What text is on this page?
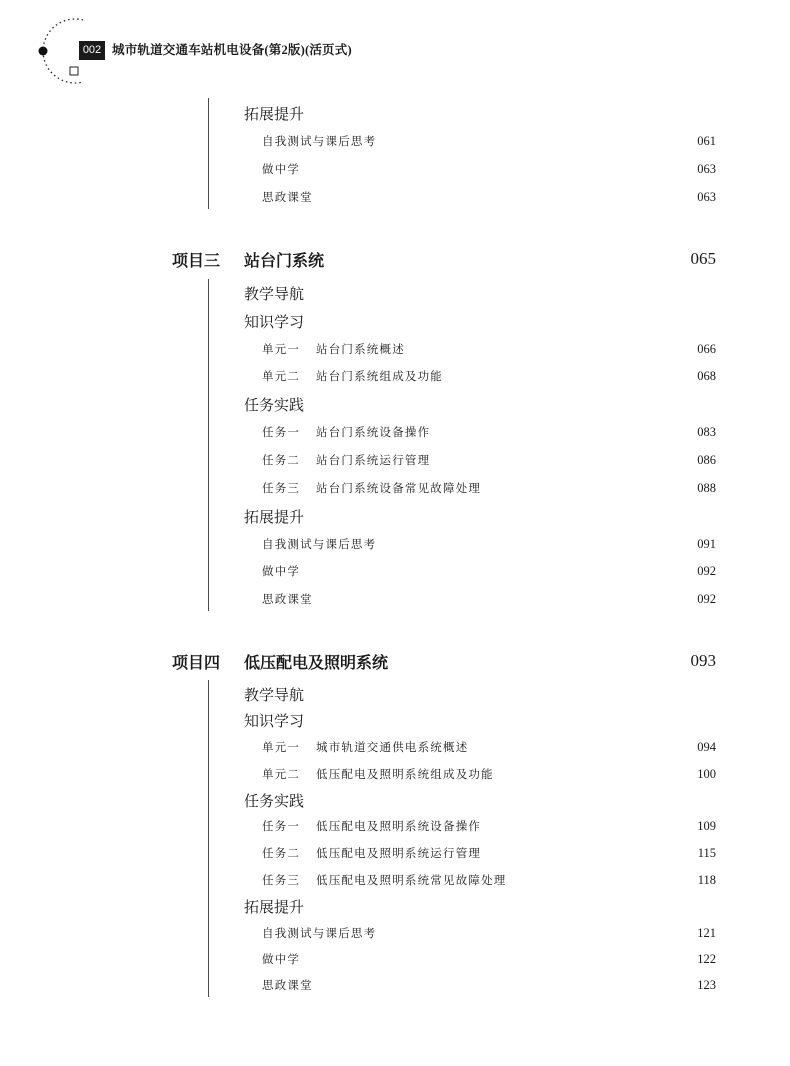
002 城市轨道交通车站机电设备(第2版)(活页式)
拓展提升
自我测试与课后思考	061
做中学	063
思政课堂	063
项目三 站台门系统	065
教学导航
知识学习
单元一 站台门系统概述	066
单元二 站台门系统组成及功能	068
任务实践
任务一 站台门系统设备操作	083
任务二 站台门系统运行管理	086
任务三 站台门系统设备常见故障处理	088
拓展提升
自我测试与课后思考	091
做中学	092
思政课堂	092
项目四 低压配电及照明系统	093
教学导航
知识学习
单元一 城市轨道交通供电系统概述	094
单元二 低压配电及照明系统组成及功能	100
任务实践
任务一 低压配电及照明系统设备操作	109
任务二 低压配电及照明系统运行管理	115
任务三 低压配电及照明系统常见故障处理	118
拓展提升
自我测试与课后思考	121
做中学	122
思政课堂	123
